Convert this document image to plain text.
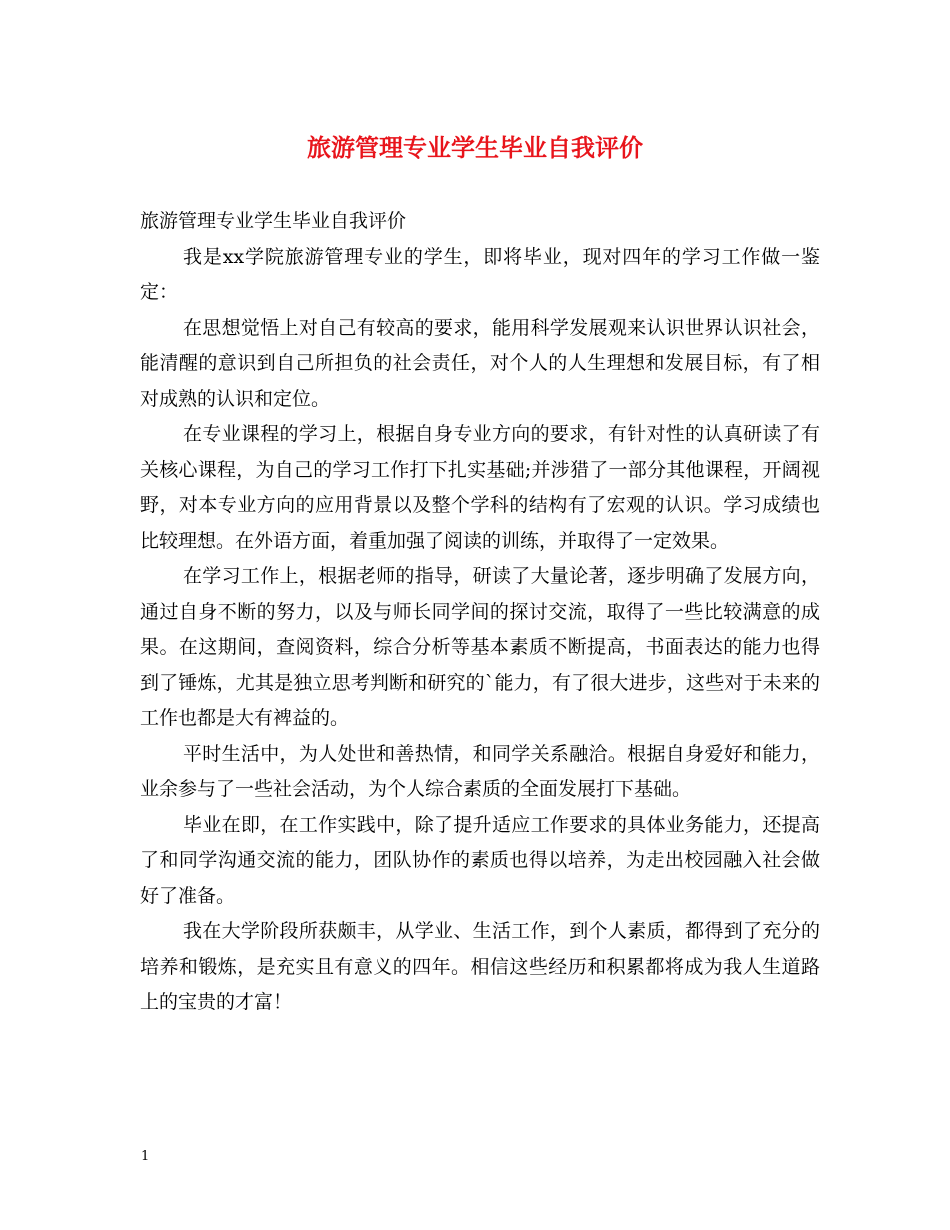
旅游管理专业学生毕业自我评价

旅游管理专业学生毕业自我评价

我是xx学院旅游管理专业的学生，即将毕业，现对四年的学习工作做一鉴定：

在思想觉悟上对自己有较高的要求，能用科学发展观来认识世界认识社会，能清醒的意识到自己所担负的社会责任，对个人的人生理想和发展目标，有了相对成熟的认识和定位。

在专业课程的学习上，根据自身专业方向的要求，有针对性的认真研读了有关核心课程，为自己的学习工作打下扎实基础;并涉猎了一部分其他课程，开阔视野，对本专业方向的应用背景以及整个学科的结构有了宏观的认识。学习成绩也比较理想。在外语方面，着重加强了阅读的训练，并取得了一定效果。

在学习工作上，根据老师的指导，研读了大量论著，逐步明确了发展方向，通过自身不断的努力，以及与师长同学间的探讨交流，取得了一些比较满意的成果。在这期间，查阅资料，综合分析等基本素质不断提高，书面表达的能力也得到了锤炼，尤其是独立思考判断和研究的`能力，有了很大进步，这些对于未来的工作也都是大有裨益的。

平时生活中，为人处世和善热情，和同学关系融洽。根据自身爱好和能力，业余参与了一些社会活动，为个人综合素质的全面发展打下基础。

毕业在即，在工作实践中，除了提升适应工作要求的具体业务能力，还提高了和同学沟通交流的能力，团队协作的素质也得以培养，为走出校园融入社会做好了准备。

我在大学阶段所获颇丰，从学业、生活工作，到个人素质，都得到了充分的培养和锻炼，是充实且有意义的四年。相信这些经历和积累都将成为我人生道路上的宝贵的才富！

1
